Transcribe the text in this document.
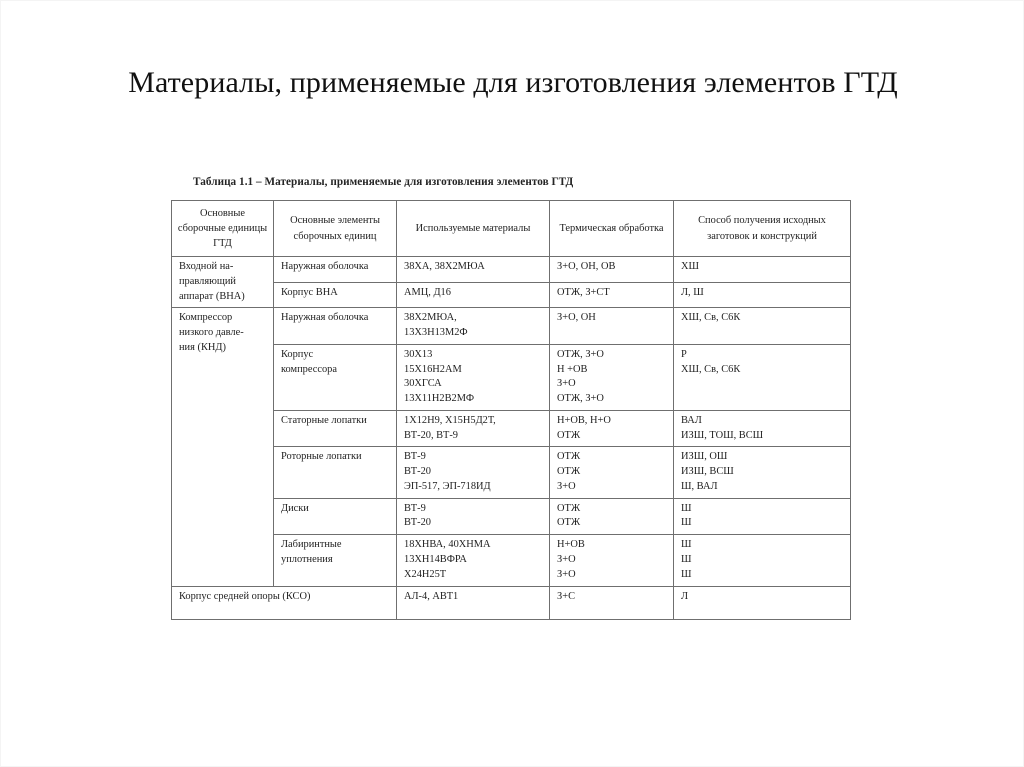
Материалы, применяемые для изготовления элементов ГТД
Таблица 1.1 – Материалы, применяемые для изготовления элементов ГТД
Основные сборочные единицы ГТД	Основные элементы сборочных единиц	Используемые материалы	Термическая обработка	Способ получения исходных заготовок и конструкций

Входной на-
правляющий
аппарат (ВНА)	Наружная оболочка	38ХА, 38Х2МЮА	З+О, ОН, ОВ	ХШ

	Корпус ВНА	АМЦ, Д16	ОТЖ, З+СТ	Л, Ш

Компрессор
низкого давле-
ния (КНД)	Наружная оболочка	38Х2МЮА,
13Х3Н13М2Ф	З+О, ОН	ХШ, Св, С6К

	Корпус
компрессора	30Х13
15Х16Н2АМ
30ХГСА
13Х11Н2В2МФ	ОТЖ, З+О
Н +ОВ
З+О
ОТЖ, З+О	Р
ХШ, Св, С6К

	Статорные лопатки	1Х12Н9, Х15Н5Д2Т,
ВТ-20, ВТ-9	Н+ОВ, Н+О
ОТЖ	ВАЛ
ИЗШ, ТОШ, ВСШ

	Роторные лопатки	ВТ-9
ВТ-20
ЭП-517, ЭП-718ИД	ОТЖ
ОТЖ
З+О	ИЗШ, ОШ
ИЗШ, ВСШ
Ш, ВАЛ

	Диски	ВТ-9
ВТ-20	ОТЖ
ОТЖ	Ш
Ш

	Лабиринтные
уплотнения	18ХНВА, 40ХНМА
13ХН14ВФРА
Х24Н25Т	Н+ОВ
З+О
З+О	Ш
Ш
Ш

Корпус средней опоры (КСО)		АЛ-4, АВТ1	З+С	Л
